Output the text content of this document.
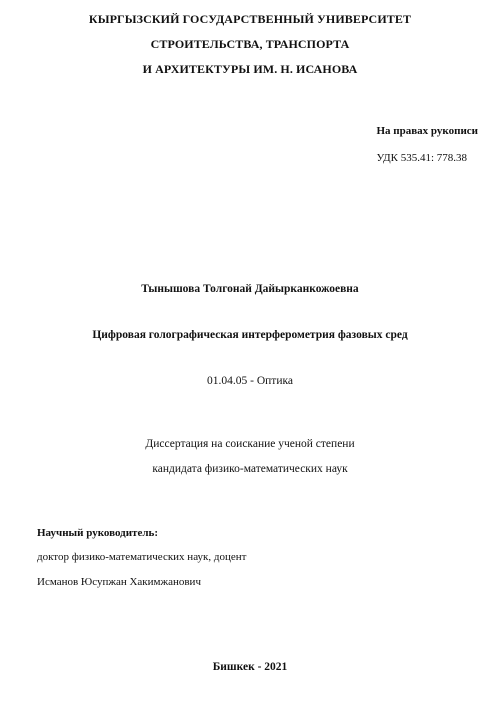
КЫРГЫЗСКИЙ ГОСУДАРСТВЕННЫЙ УНИВЕРСИТЕТ
СТРОИТЕЛЬСТВА, ТРАНСПОРТА
И АРХИТЕКТУРЫ ИМ. Н. ИСАНОВА
На правах рукописи
УДК 535.41: 778.38
Тынышова Толгонай Дайырканкожоевна
Цифровая голографическая интерферометрия фазовых сред
01.04.05 - Оптика
Диссертация на соискание ученой степени
кандидата физико-математических наук
Научный руководитель:
доктор физико-математических наук, доцент
Исманов Юсупжан Хакимжанович
Бишкек - 2021
